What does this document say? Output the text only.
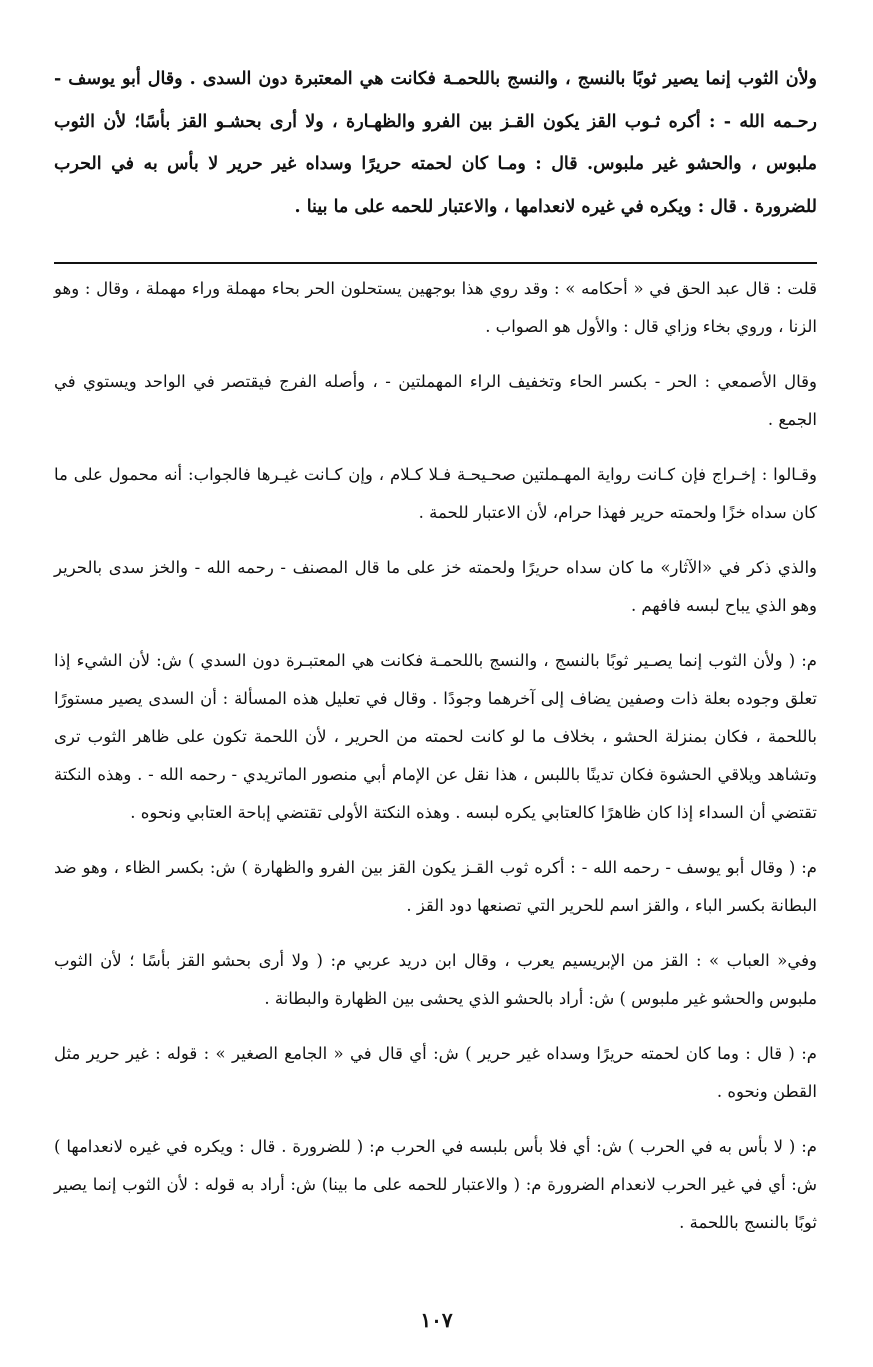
ولأن الثوب إنما يصير ثوبًا بالنسج ، والنسج باللحمـة فكانت هي المعتبرة دون السدى . وقال أبو يوسف - رحـمه الله - : أكره ثـوب القز يكون القـز بين الفرو والظهـارة ، ولا أرى بحشـو القز بأسًا؛ لأن الثوب ملبوس ، والحشو غير ملبوس. قال : ومـا كان لحمته حريرًا وسداه غير حرير لا بأس به في الحرب للضرورة . قال : ويكره في غيره لانعدامها ، والاعتبار للحمه على ما بينا .

قلت : قال عبد الحق في « أحكامه » : وقد روي هذا بوجهين يستحلون الحر بحاء مهملة وراء مهملة ، وقال : وهو الزنا ، وروي بخاء وزاي قال : والأول هو الصواب .

وقال الأصمعي : الحر - بكسر الحاء وتخفيف الراء المهملتين - ، وأصله الفرج فيقتصر في الواحد ويستوي في الجمع .

وقـالوا : إخـراج فإن كـانت رواية المهـملتين صحـيحـة فـلا كـلام ، وإن كـانت غيـرها فالجواب: أنه محمول على ما كان سداه خزًا ولحمته حرير فهذا حرام، لأن الاعتبار للحمة .

والذي ذكر في «الآثار» ما كان سداه حريرًا ولحمته خز على ما قال المصنف - رحمه الله - والخز سدى بالحرير وهو الذي يباح لبسه فافهم .

م: ( ولأن الثوب إنما يصـير ثوبًا بالنسج ، والنسج باللحمـة فكانت هي المعتبـرة دون السدي ) ش: لأن الشيء إذا تعلق وجوده بعلة ذات وصفين يضاف إلى آخرهما وجودًا . وقال في تعليل هذه المسألة : أن السدى يصير مستورًا باللحمة ، فكان بمنزلة الحشو ، بخلاف ما لو كانت لحمته من الحرير ، لأن اللحمة تكون على ظاهر الثوب ترى وتشاهد ويلاقي الحشوة فكان تدينًا باللبس ، هذا نقل عن الإمام أبي منصور الماتريدي - رحمه الله - . وهذه النكتة تقتضي أن السداء إذا كان ظاهرًا كالعتابي يكره لبسه . وهذه النكتة الأولى تقتضي إباحة العتابي ونحوه .

م: ( وقال أبو يوسف - رحمه الله - : أكره ثوب القـز يكون القز بين الفرو والظهارة ) ش: بكسر الظاء ، وهو ضد البطانة بكسر الباء ، والقز اسم للحرير التي تصنعها دود القز .

وفي« العباب » : القز من الإبريسيم يعرب ، وقال ابن دريد عربي م: ( ولا أرى بحشو القز بأسًا ؛ لأن الثوب ملبوس والحشو غير ملبوس ) ش: أراد بالحشو الذي يحشى بين الظهارة والبطانة .

م: ( قال : وما كان لحمته حريرًا وسداه غير حرير ) ش: أي قال في « الجامع الصغير » : قوله : غير حرير مثل القطن ونحوه .

م: ( لا بأس به في الحرب ) ش: أي فلا بأس بلبسه في الحرب م: ( للضرورة . قال : ويكره في غيره لانعدامها ) ش: أي في غير الحرب لانعدام الضرورة م: ( والاعتبار للحمه على ما بينا) ش: أراد به قوله : لأن الثوب إنما يصير ثوبًا بالنسج باللحمة .

١٠٧
